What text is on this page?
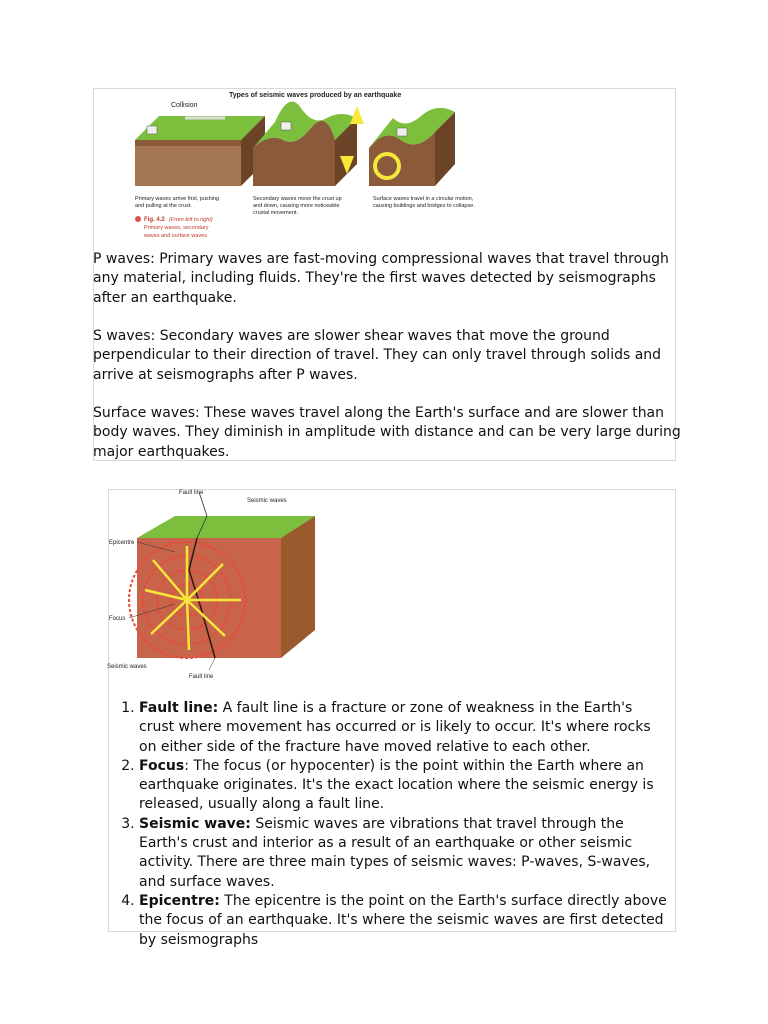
Types of seismic waves produced by an earthquake
Collision
Primary waves arrive first, pushing and pulling at the crust.
Secondary waves move the crust up and down, causing more noticeable crustal movement.
Surface waves travel in a circular motion, causing buildings and bridges to collapse.
Fig. 4.2 (From left to right)
Primary waves, secondary waves and surface waves

P waves: Primary waves are fast-moving compressional waves that travel through any material, including fluids. They're the first waves detected by seismographs after an earthquake.

S waves: Secondary waves are slower shear waves that move the ground perpendicular to their direction of travel. They can only travel through solids and arrive at seismographs after P waves.

Surface waves: These waves travel along the Earth's surface and are slower than body waves. They diminish in amplitude with distance and can be very large during major earthquakes.

Fault line
Seismic waves
Epicentre
Focus
Seismic waves
Fault line
1. Fault line: A fault line is a fracture or zone of weakness in the Earth's crust where movement has occurred or is likely to occur. It's where rocks on either side of the fracture have moved relative to each other.
2. Focus: The focus (or hypocenter) is the point within the Earth where an earthquake originates. It's the exact location where the seismic energy is released, usually along a fault line.
3. Seismic wave: Seismic waves are vibrations that travel through the Earth's crust and interior as a result of an earthquake or other seismic activity. There are three main types of seismic waves: P-waves, S-waves, and surface waves.
4. Epicentre: The epicentre is the point on the Earth's surface directly above the focus of an earthquake. It's where the seismic waves are first detected by seismographs
